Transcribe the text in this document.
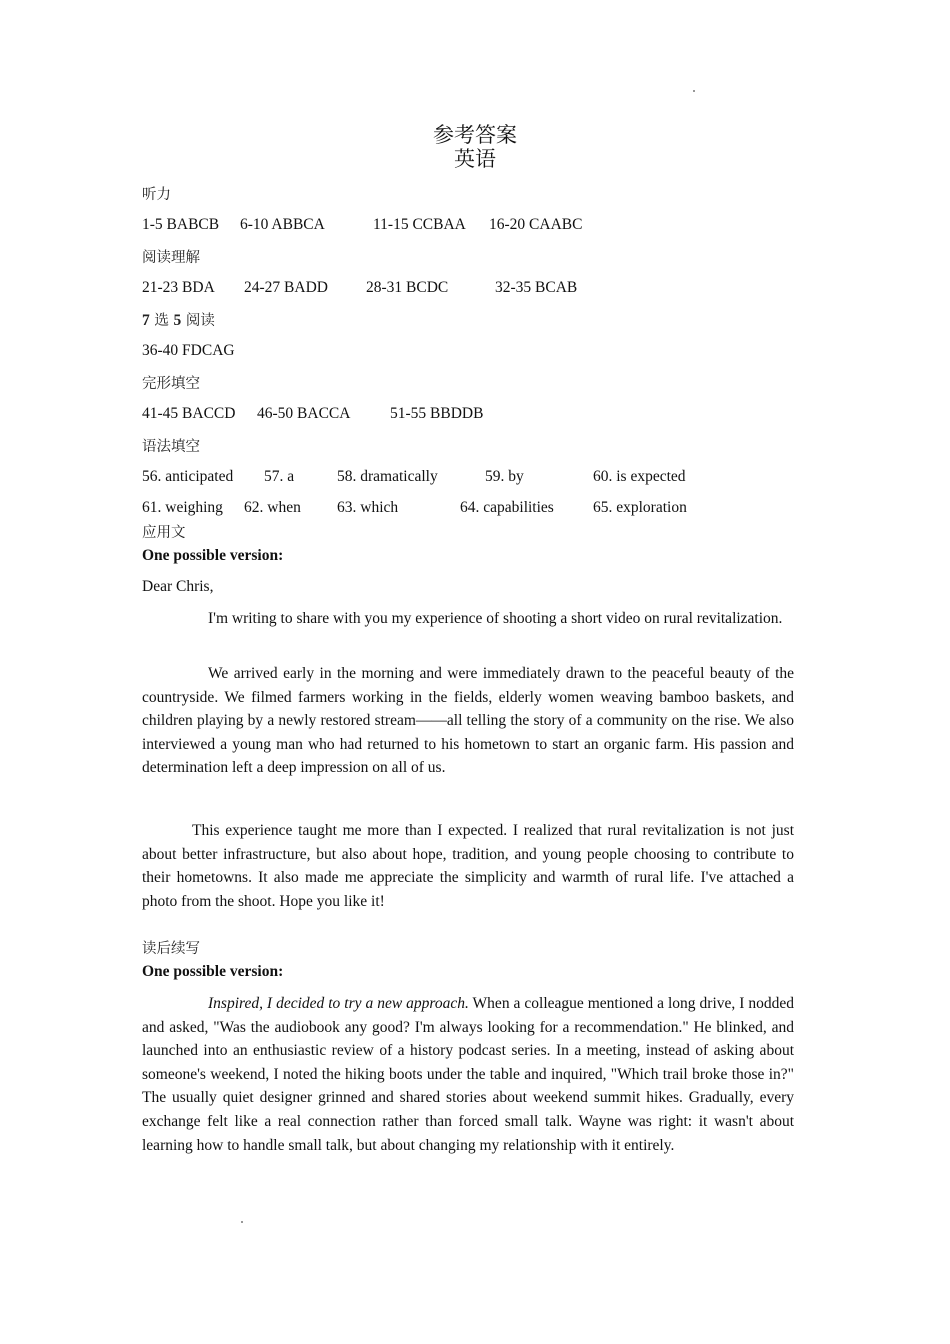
参考答案
英语
听力
1-5 BABCB 6-10 ABBCA	11-15 CCBAA 16-20 CAABC
阅读理解
21-23 BDA 24-27 BADD 28-31 BCDC	32-35 BCAB
7 选 5 阅读
36-40 FDCAG
完形填空
41-45 BACCD 46-50 BACCA	51-55 BBDDB
语法填空
56. anticipated 57. a	58. dramatically	59. by	60. is expected
61. weighing 62. when 63. which	64. capabilities	65. exploration
应用文
One possible version:
Dear Chris,
I'm writing to share with you my experience of shooting a short video on rural revitalization.
We arrived early in the morning and were immediately drawn to the peaceful beauty of the countryside. We filmed farmers working in the fields, elderly women weaving bamboo baskets, and children playing by a newly restored stream——all telling the story of a community on the rise. We also interviewed a young man who had returned to his hometown to start an organic farm. His passion and determination left a deep impression on all of us.
This experience taught me more than I expected. I realized that rural revitalization is not just about better infrastructure, but also about hope, tradition, and young people choosing to contribute to their hometowns. It also made me appreciate the simplicity and warmth of rural life. I've attached a photo from the shoot. Hope you like it!
读后续写
One possible version:
Inspired, I decided to try a new approach. When a colleague mentioned a long drive, I nodded and asked, "Was the audiobook any good? I'm always looking for a recommendation." He blinked, and launched into an enthusiastic review of a history podcast series. In a meeting, instead of asking about someone's weekend, I noted the hiking boots under the table and inquired, "Which trail broke those in?" The usually quiet designer grinned and shared stories about weekend summit hikes. Gradually, every exchange felt like a real connection rather than forced small talk. Wayne was right: it wasn't about learning how to handle small talk, but about changing my relationship with it entirely.
